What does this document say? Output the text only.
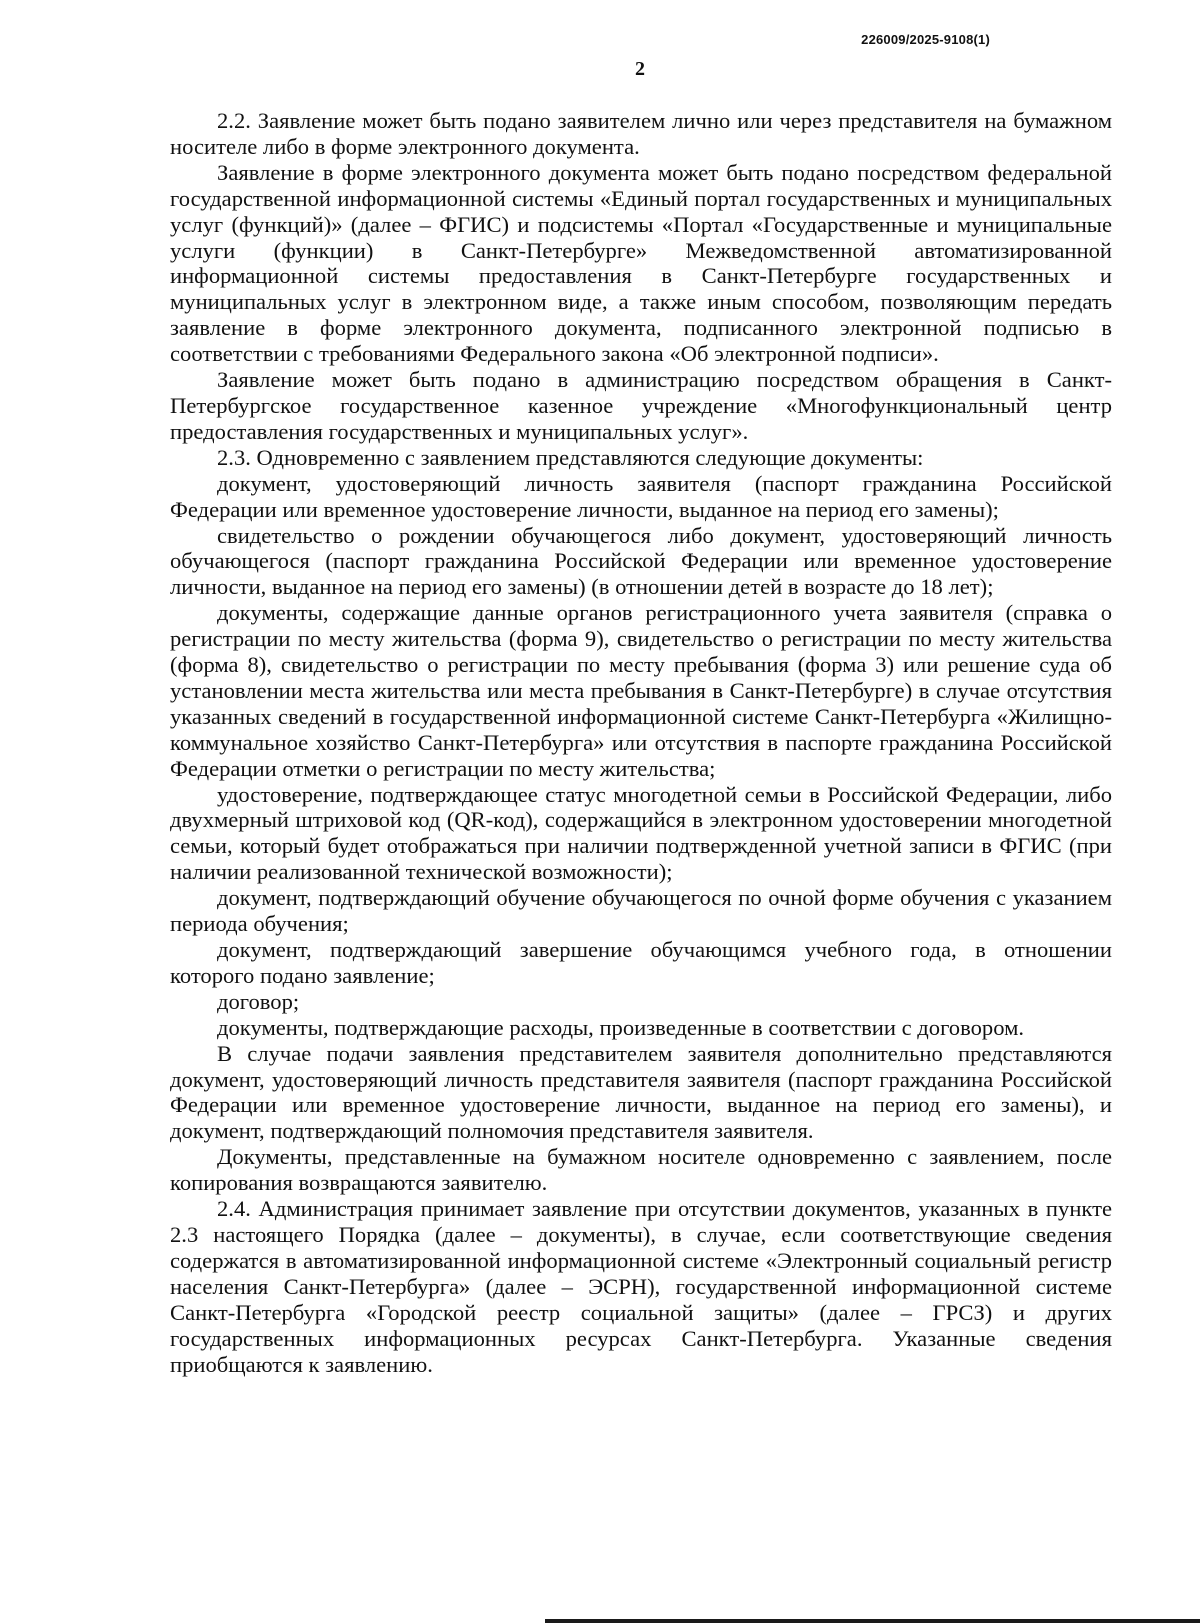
226009/2025-9108(1)
2

2.2. Заявление может быть подано заявителем лично или через представителя на бумажном носителе либо в форме электронного документа.

Заявление в форме электронного документа может быть подано посредством федеральной государственной информационной системы «Единый портал государственных и муниципальных услуг (функций)» (далее – ФГИС) и подсистемы «Портал «Государственные и муниципальные услуги (функции) в Санкт-Петербурге» Межведомственной автоматизированной информационной системы предоставления в Санкт-Петербурге государственных и муниципальных услуг в электронном виде, а также иным способом, позволяющим передать заявление в форме электронного документа, подписанного электронной подписью в соответствии с требованиями Федерального закона «Об электронной подписи».

Заявление может быть подано в администрацию посредством обращения в Санкт-Петербургское государственное казенное учреждение «Многофункциональный центр предоставления государственных и муниципальных услуг».

2.3. Одновременно с заявлением представляются следующие документы:

документ, удостоверяющий личность заявителя (паспорт гражданина Российской Федерации или временное удостоверение личности, выданное на период его замены);

свидетельство о рождении обучающегося либо документ, удостоверяющий личность обучающегося (паспорт гражданина Российской Федерации или временное удостоверение личности, выданное на период его замены) (в отношении детей в возрасте до 18 лет);

документы, содержащие данные органов регистрационного учета заявителя (справка о регистрации по месту жительства (форма 9), свидетельство о регистрации по месту жительства (форма 8), свидетельство о регистрации по месту пребывания (форма 3) или решение суда об установлении места жительства или места пребывания в Санкт-Петербурге) в случае отсутствия указанных сведений в государственной информационной системе Санкт-Петербурга «Жилищно-коммунальное хозяйство Санкт-Петербурга» или отсутствия в паспорте гражданина Российской Федерации отметки о регистрации по месту жительства;

удостоверение, подтверждающее статус многодетной семьи в Российской Федерации, либо двухмерный штриховой код (QR-код), содержащийся в электронном удостоверении многодетной семьи, который будет отображаться при наличии подтвержденной учетной записи в ФГИС (при наличии реализованной технической возможности);

документ, подтверждающий обучение обучающегося по очной форме обучения с указанием периода обучения;

документ, подтверждающий завершение обучающимся учебного года, в отношении которого подано заявление;

договор;

документы, подтверждающие расходы, произведенные в соответствии с договором.

В случае подачи заявления представителем заявителя дополнительно представляются документ, удостоверяющий личность представителя заявителя (паспорт гражданина Российской Федерации или временное удостоверение личности, выданное на период его замены), и документ, подтверждающий полномочия представителя заявителя.

Документы, представленные на бумажном носителе одновременно с заявлением, после копирования возвращаются заявителю.

2.4. Администрация принимает заявление при отсутствии документов, указанных в пункте 2.3 настоящего Порядка (далее – документы), в случае, если соответствующие сведения содержатся в автоматизированной информационной системе «Электронный социальный регистр населения Санкт-Петербурга» (далее – ЭСРН), государственной информационной системе Санкт-Петербурга «Городской реестр социальной защиты» (далее – ГРСЗ) и других государственных информационных ресурсах Санкт-Петербурга. Указанные сведения приобщаются к заявлению.
